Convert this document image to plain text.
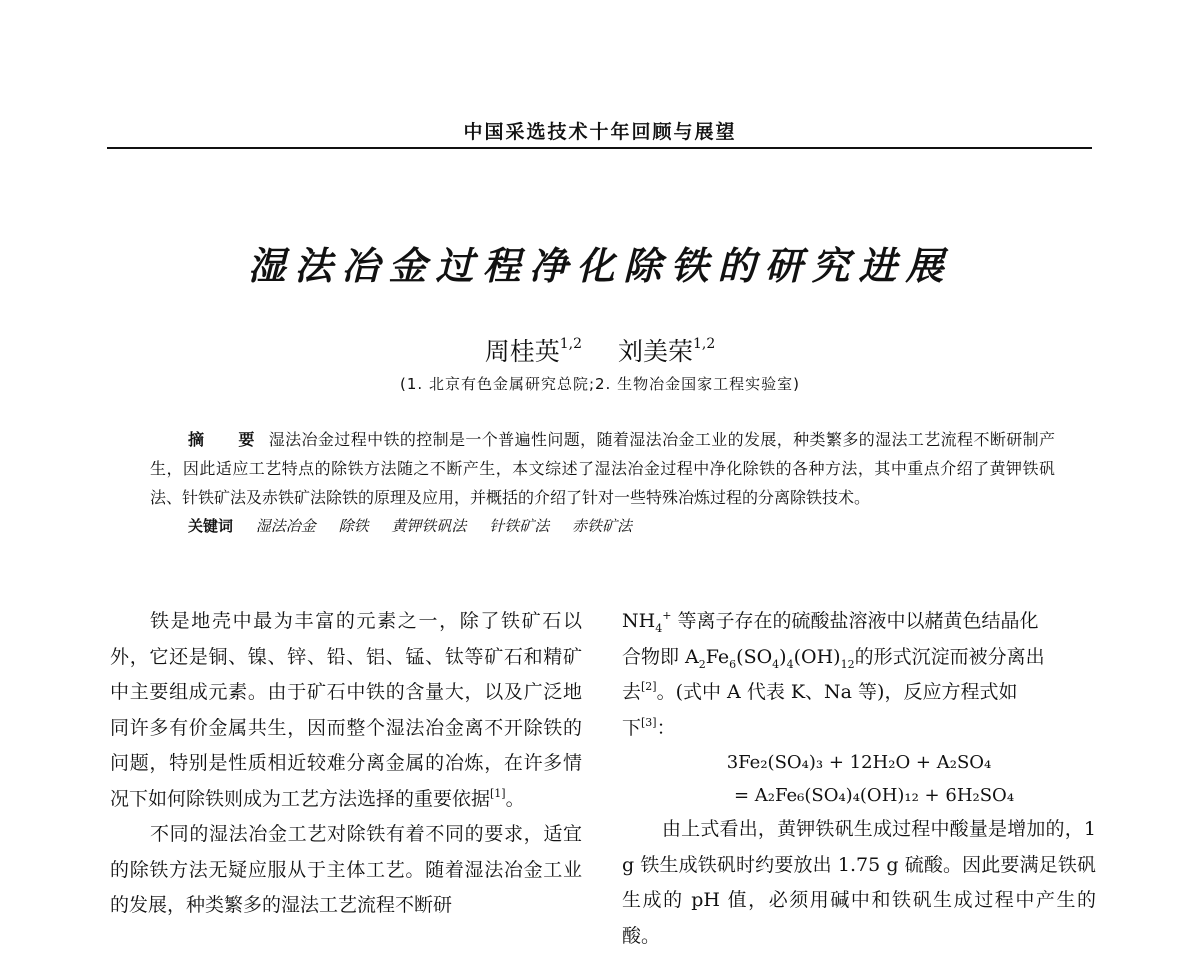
中国采选技术十年回顾与展望
湿法冶金过程净化除铁的研究进展
周桂英$^{1,2}$ 刘美荣$^{1,2}$
(1. 北京有色金属研究总院;2. 生物冶金国家工程实验室)

摘 要湿法冶金过程中铁的控制是一个普遍性问题，随着湿法冶金工业的发展，种类繁多的湿法工艺流程不断研制产生，因此适应工艺特点的除铁方法随之不断产生，本文综述了湿法冶金过程中净化除铁的各种方法，其中重点介绍了黄钾铁矾法、针铁矿法及赤铁矿法除铁的原理及应用，并概括的介绍了针对一些特殊冶炼过程的分离除铁技术。

关键词 湿法冶金 除铁 黄钾铁矾法 针铁矿法 赤铁矿法

铁是地壳中最为丰富的元素之一，除了铁矿石以外，它还是铜、镍、锌、铅、铝、锰、钛等矿石和精矿中主要组成元素。由于矿石中铁的含量大，以及广泛地同许多有价金属共生，因而整个湿法冶金离不开除铁的问题，特别是性质相近较难分离金属的冶炼，在许多情况下如何除铁则成为工艺方法选择的重要依据[1]。

不同的湿法冶金工艺对除铁有着不同的要求，适宜的除铁方法无疑应服从于主体工艺。随着湿法冶金工业的发展，种类繁多的湿法工艺流程不断研

$NH_4^+$ 等离子存在的硫酸盐溶液中以赭黄色结晶化
合物即 $A_2Fe_6(SO_4)_4(OH)_{12}$的形式沉淀而被分离出
去[2]。(式中 A 代表 K、Na 等)，反应方程式如
下[3]：

3Fe₂(SO₄)₃ + 12H₂O + A₂SO₄
= A₂Fe₆(SO₄)₄(OH)₁₂ + 6H₂SO₄

由上式看出，黄钾铁矾生成过程中酸量是增加的，1 g 铁生成铁矾时约要放出 1.75 g 硫酸。因此要满足铁矾生成的 pH 值，必须用碱中和铁矾生成过程中产生的酸。
